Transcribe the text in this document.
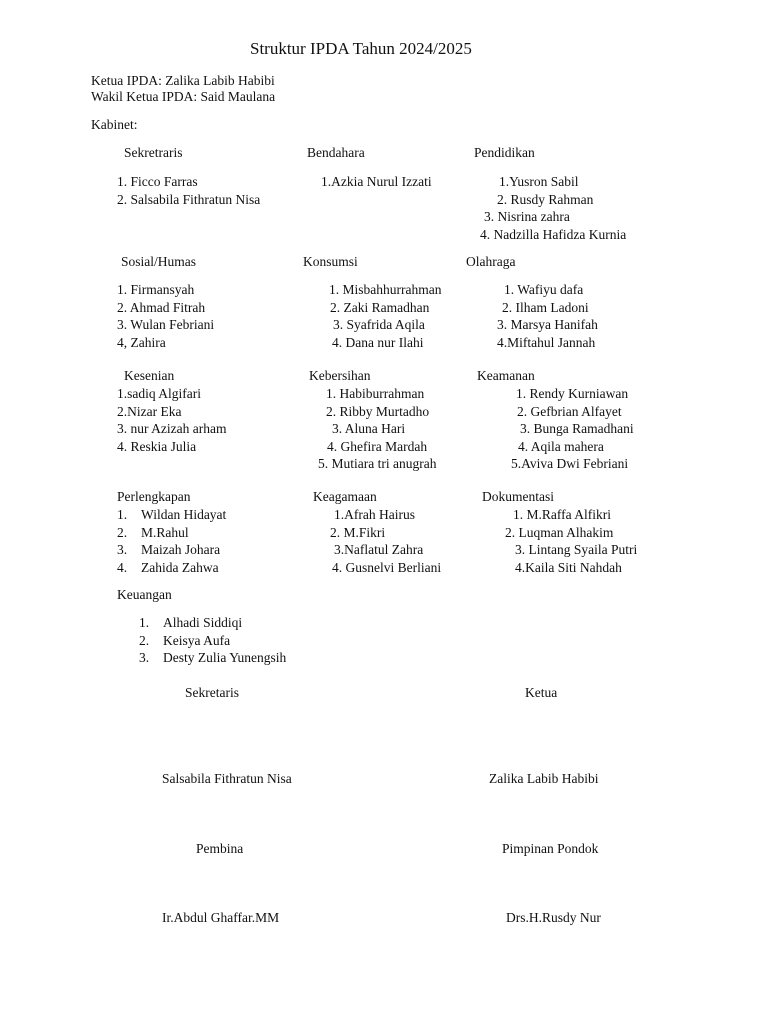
Struktur IPDA Tahun 2024/2025
Ketua IPDA: Zalika Labib Habibi
Wakil Ketua IPDA: Said Maulana
Kabinet:
Sekretraris
1. Ficco Farras
2. Salsabila Fithratun Nisa
Bendahara
1.Azkia Nurul Izzati
Pendidikan
1.Yusron Sabil
2. Rusdy Rahman
3. Nisrina zahra
4. Nadzilla Hafidza Kurnia
Sosial/Humas
1. Firmansyah
2. Ahmad Fitrah
3. Wulan Febriani
4, Zahira
Konsumsi
1. Misbahhurrahman
2. Zaki Ramadhan
3. Syafrida Aqila
4. Dana nur Ilahi
Olahraga
1. Wafiyu dafa
2. Ilham Ladoni
3. Marsya Hanifah
4.Miftahul Jannah
Kesenian
1.sadiq Algifari
2.Nizar Eka
3. nur Azizah arham
4. Reskia Julia
Kebersihan
1. Habiburrahman
2. Ribby Murtadho
3. Aluna Hari
4. Ghefira Mardah
5. Mutiara tri anugrah
Keamanan
1. Rendy Kurniawan
2. Gefbrian Alfayet
3. Bunga Ramadhani
4. Aqila mahera
5.Aviva Dwi Febriani
Perlengkapan
1. Wildan Hidayat
2. M.Rahul
3. Maizah Johara
4. Zahida Zahwa
Keagamaan
1.Afrah Hairus
2. M.Fikri
3.Naflatul Zahra
4. Gusnelvi Berliani
Dokumentasi
1. M.Raffa Alfikri
2. Luqman Alhakim
3. Lintang Syaila Putri
4.Kaila Siti Nahdah
Keuangan
1. Alhadi Siddiqi
2. Keisya Aufa
3. Desty Zulia Yunengsih
Sekretaris	Ketua
Salsabila Fithratun Nisa	Zalika Labib Habibi
Pembina	Pimpinan Pondok
Ir.Abdul Ghaffar.MM	Drs.H.Rusdy Nur
